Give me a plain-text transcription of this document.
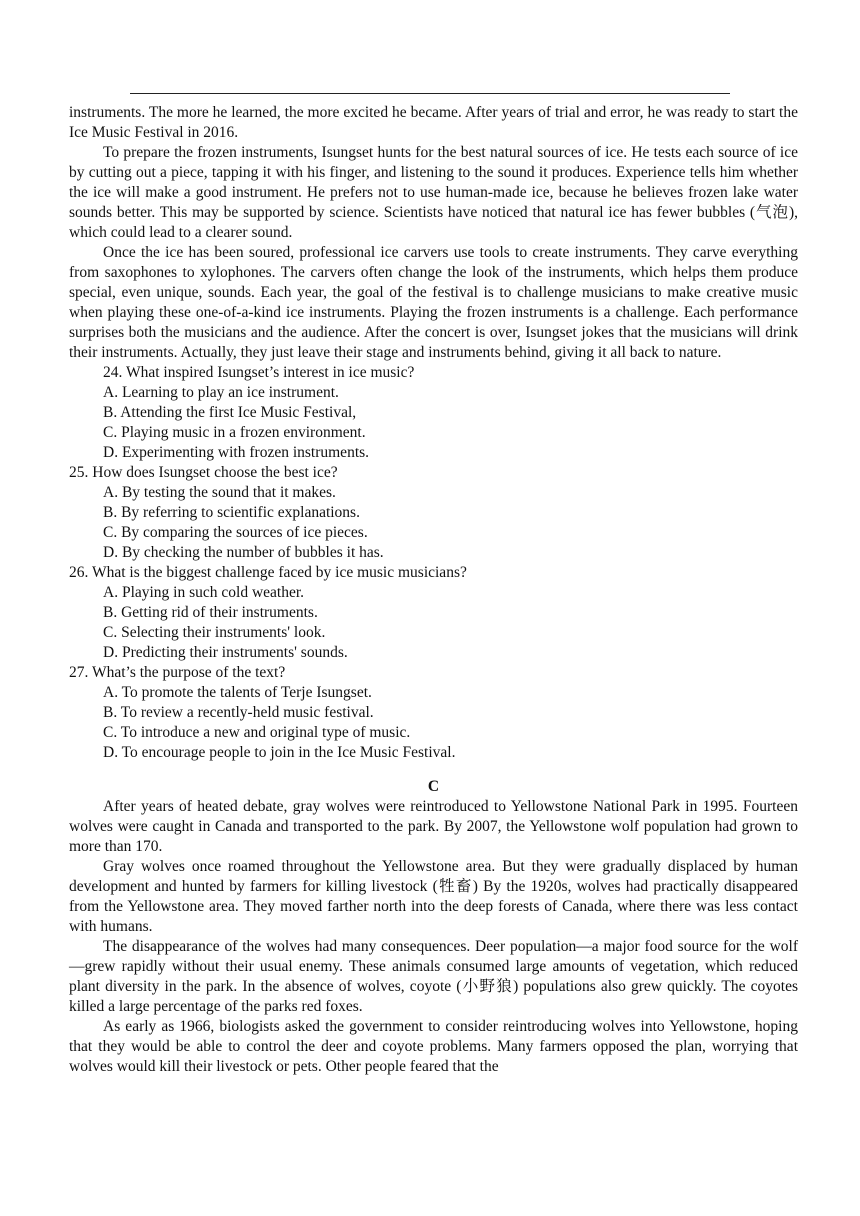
instruments. The more he learned, the more excited he became. After years of trial and error, he was ready to start the Ice Music Festival in 2016.

To prepare the frozen instruments, Isungset hunts for the best natural sources of ice. He tests each source of ice by cutting out a piece, tapping it with his finger, and listening to the sound it produces. Experience tells him whether the ice will make a good instrument. He prefers not to use human-made ice, because he believes frozen lake water sounds better. This may be supported by science. Scientists have noticed that natural ice has fewer bubbles (气泡), which could lead to a clearer sound.

Once the ice has been soured, professional ice carvers use tools to create instruments. They carve everything from saxophones to xylophones. The carvers often change the look of the instruments, which helps them produce special, even unique, sounds. Each year, the goal of the festival is to challenge musicians to make creative music when playing these one-of-a-kind ice instruments. Playing the frozen instruments is a challenge. Each performance surprises both the musicians and the audience. After the concert is over, Isungset jokes that the musicians will drink their instruments. Actually, they just leave their stage and instruments behind, giving it all back to nature.

24. What inspired Isungset’s interest in ice music?

A. Learning to play an ice instrument.

B. Attending the first Ice Music Festival,

C. Playing music in a frozen environment.

D. Experimenting with frozen instruments.

25. How does Isungset choose the best ice?

A. By testing the sound that it makes.

B. By referring to scientific explanations.

C. By comparing the sources of ice pieces.

D. By checking the number of bubbles it has.

26. What is the biggest challenge faced by ice music musicians?

A. Playing in such cold weather.

B. Getting rid of their instruments.

C. Selecting their instruments' look.

D. Predicting their instruments' sounds.

27. What’s the purpose of the text?

A. To promote the talents of Terje Isungset.

B. To review a recently-held music festival.

C. To introduce a new and original type of music.

D. To encourage people to join in the Ice Music Festival.

C

After years of heated debate, gray wolves were reintroduced to Yellowstone National Park in 1995. Fourteen wolves were caught in Canada and transported to the park. By 2007, the Yellowstone wolf population had grown to more than 170.

Gray wolves once roamed throughout the Yellowstone area. But they were gradually displaced by human development and hunted by farmers for killing livestock (牲畜) By the 1920s, wolves had practically disappeared from the Yellowstone area. They moved farther north into the deep forests of Canada, where there was less contact with humans.

The disappearance of the wolves had many consequences. Deer population—a major food source for the wolf—grew rapidly without their usual enemy. These animals consumed large amounts of vegetation, which reduced plant diversity in the park. In the absence of wolves, coyote (小野狼) populations also grew quickly. The coyotes killed a large percentage of the parks red foxes.

As early as 1966, biologists asked the government to consider reintroducing wolves into Yellowstone, hoping that they would be able to control the deer and coyote problems. Many farmers opposed the plan, worrying that wolves would kill their livestock or pets. Other people feared that the
